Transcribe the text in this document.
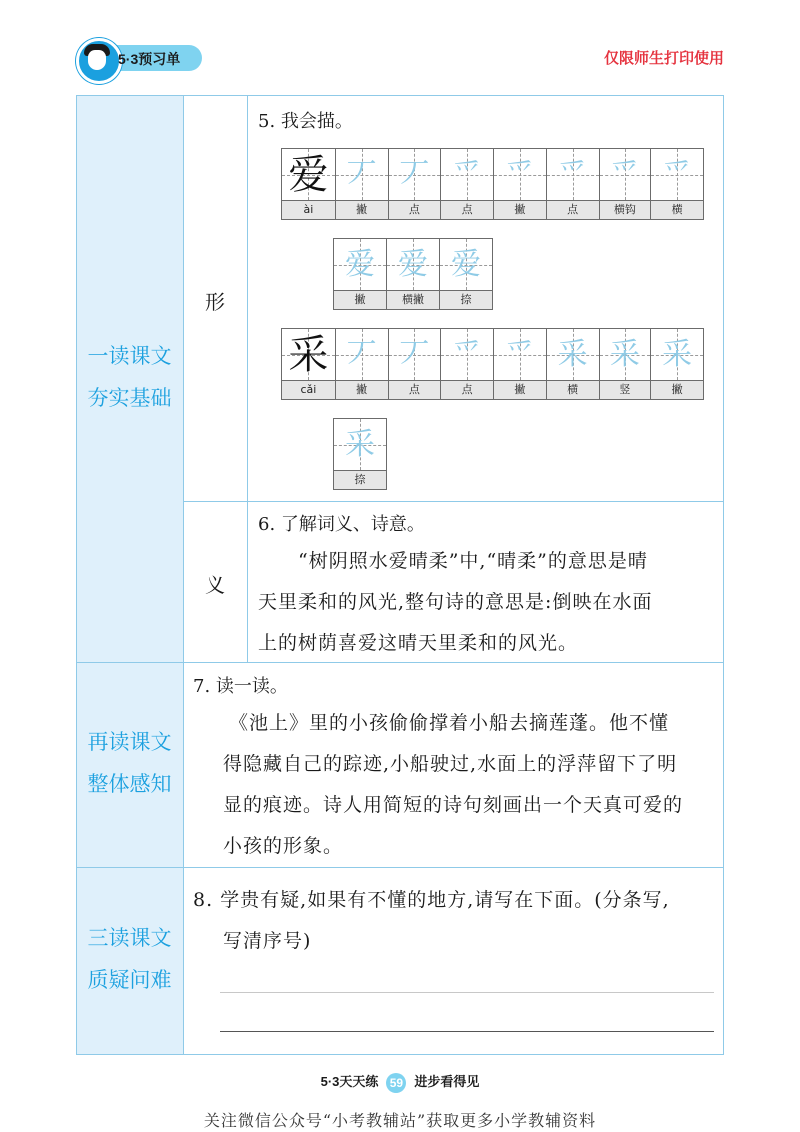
5·3预习单	仅限师生打印使用
一读课文
夯实基础
再读课文
整体感知
三读课文
质疑问难
形
义
5. 我会描。
爱
ài
丆
撇
丆
点
爫
点
爫
撇
爫
点
爫
横钩
爫
横
爱
撇
爱
横撇
爱
捺
采
cǎi
丆
撇
丆
点
爫
点
爫
撇
采
横
采
竖
采
撇
采
捺
6. 了解词义、诗意。
“树阴照水爱晴柔”中,“晴柔”的意思是晴
天里柔和的风光,整句诗的意思是:倒映在水面
上的树荫喜爱这晴天里柔和的风光。
7. 读一读。
《池上》里的小孩偷偷撑着小船去摘莲蓬。他不懂
得隐藏自己的踪迹,小船驶过,水面上的浮萍留下了明
显的痕迹。诗人用简短的诗句刻画出一个天真可爱的
小孩的形象。
8. 学贵有疑,如果有不懂的地方,请写在下面。(分条写,
写清序号)
5·3天天练 59 进步看得见
关注微信公众号“小考教辅站”获取更多小学教辅资料
